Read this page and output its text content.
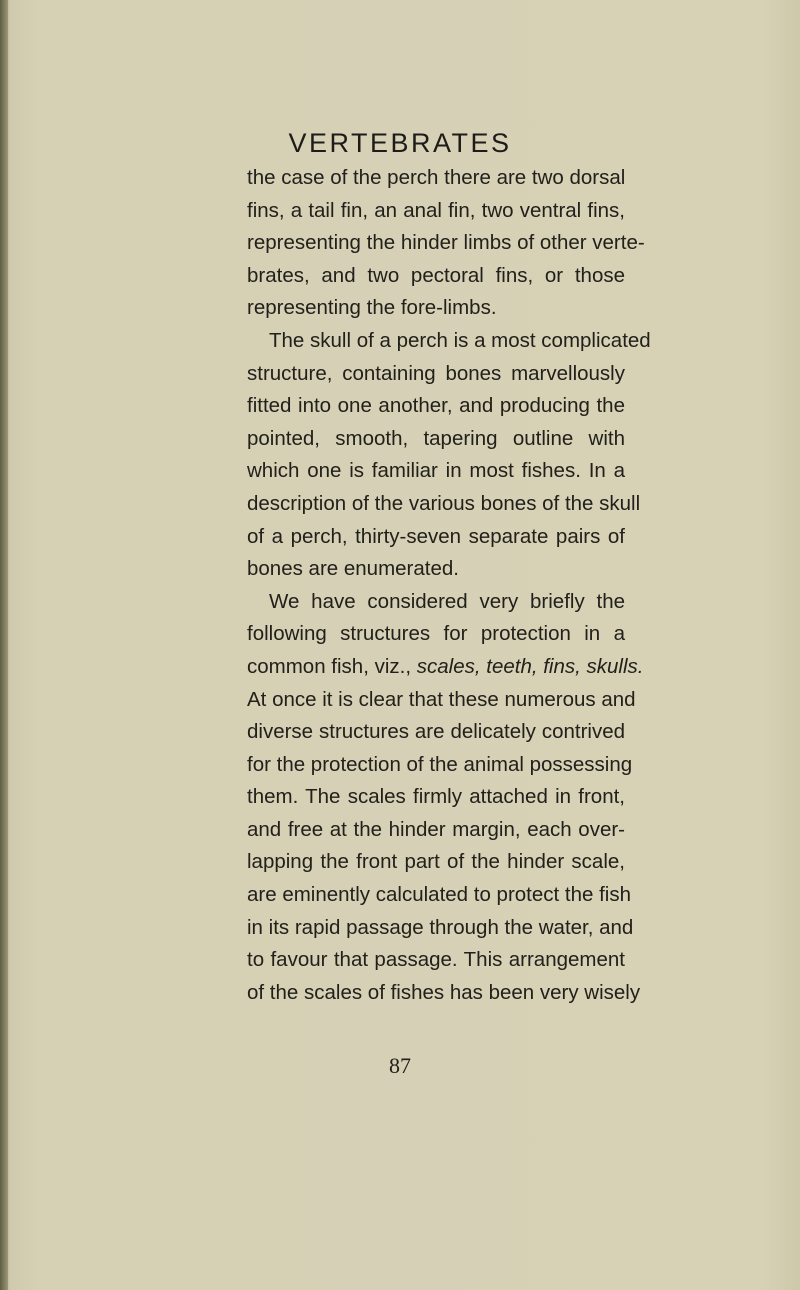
VERTEBRATES
the case of the perch there are two dorsal
fins, a tail fin, an anal fin, two ventral fins,
representing the hinder limbs of other verte-
brates, and two pectoral fins, or those
representing the fore-limbs.
The skull of a perch is a most complicated
structure, containing bones marvellously
fitted into one another, and producing the
pointed, smooth, tapering outline with
which one is familiar in most fishes. In a
description of the various bones of the skull
of a perch, thirty-seven separate pairs of
bones are enumerated.
We have considered very briefly the
following structures for protection in a
common fish, viz., scales, teeth, fins, skulls.
At once it is clear that these numerous and
diverse structures are delicately contrived
for the protection of the animal possessing
them. The scales firmly attached in front,
and free at the hinder margin, each over-
lapping the front part of the hinder scale,
are eminently calculated to protect the fish
in its rapid passage through the water, and
to favour that passage. This arrangement
of the scales of fishes has been very wisely
87
